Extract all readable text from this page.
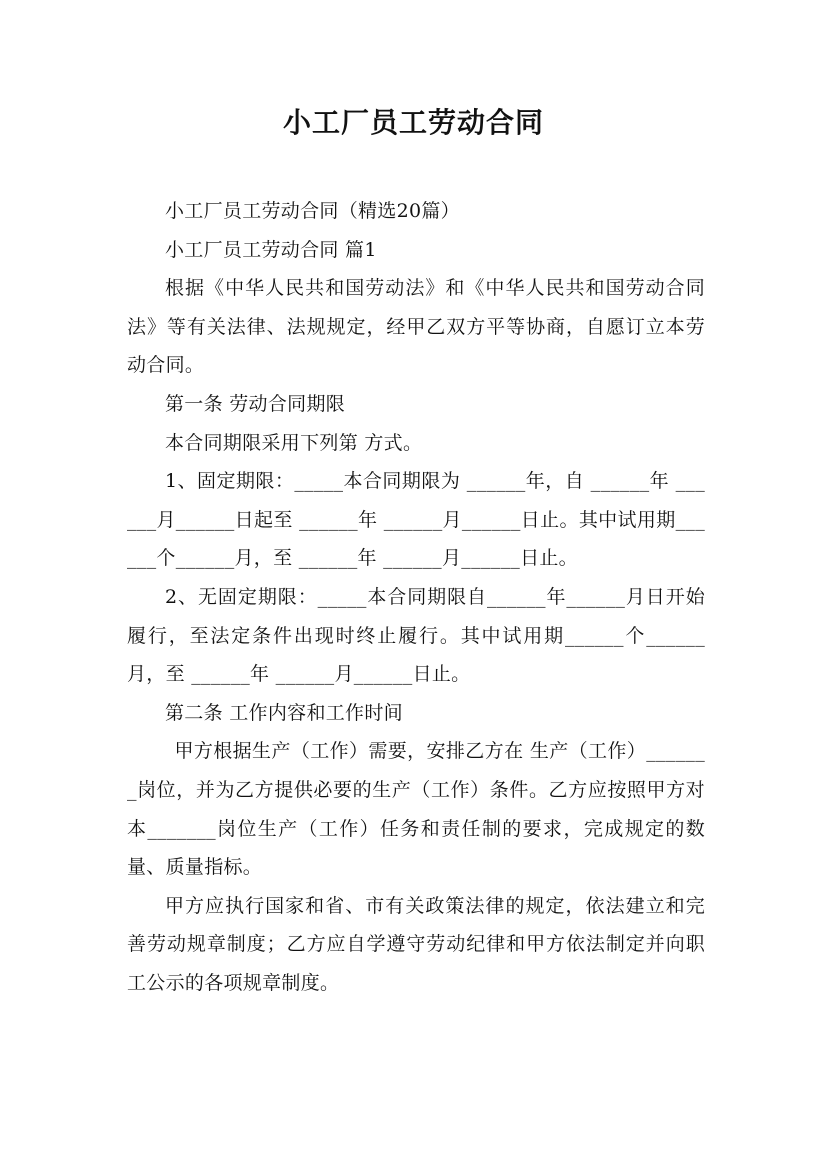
小工厂员工劳动合同

小工厂员工劳动合同（精选20篇）

小工厂员工劳动合同 篇1

根据《中华人民共和国劳动法》和《中华人民共和国劳动合同法》等有关法律、法规规定，经甲乙双方平等协商，自愿订立本劳动合同。

第一条 劳动合同期限

本合同期限采用下列第 方式。

1、固定期限：_____本合同期限为 ______年，自 ______年 ______月______日起至 ______年 ______月______日止。其中试用期______个______月，至 ______年 ______月______日止。

2、无固定期限：_____本合同期限自______年______月日开始履行，至法定条件出现时终止履行。其中试用期______个______月，至 ______年 ______月______日止。

第二条 工作内容和工作时间

甲方根据生产（工作）需要，安排乙方在 生产（工作）_______岗位，并为乙方提供必要的生产（工作）条件。乙方应按照甲方对本_______岗位生产（工作）任务和责任制的要求，完成规定的数量、质量指标。

甲方应执行国家和省、市有关政策法律的规定，依法建立和完善劳动规章制度；乙方应自学遵守劳动纪律和甲方依法制定并向职工公示的各项规章制度。
